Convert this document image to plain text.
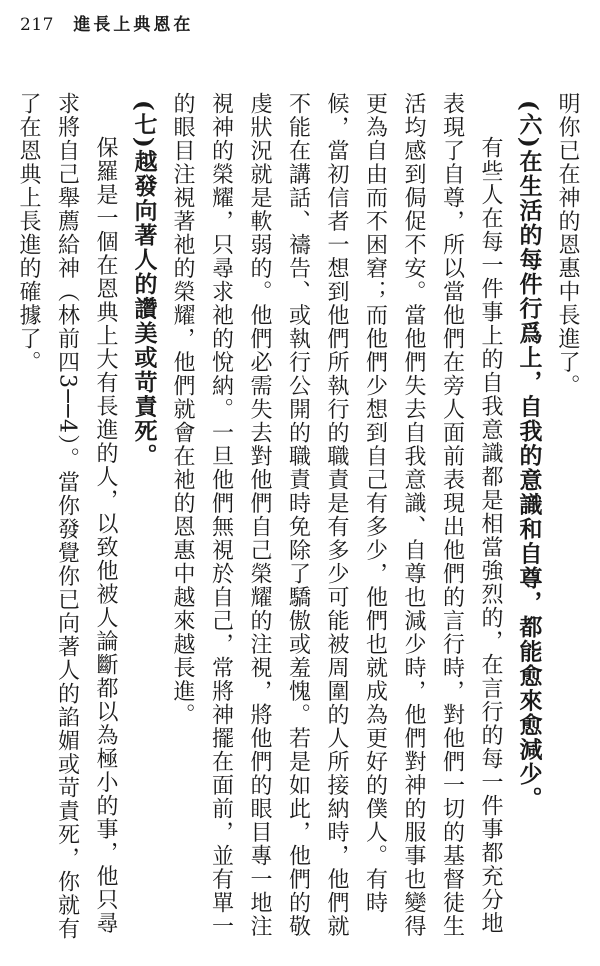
217 進長上典恩在

明你已在神的恩惠中長進了。

(六)在生活的每件行爲上，自我的意識和自尊，都能愈來愈減少。

有些人在每一件事上的自我意識都是相當強烈的，在言行的每一件事都充分地表現了自尊，所以當他們在旁人面前表現出他們的言行時，對他們一切的基督徒生活均感到侷促不安。當他們失去自我意識、自尊也減少時，他們對神的服事也變得更為自由而不困窘；而他們少想到自己有多少，他們也就成為更好的僕人。有時候，當初信者一想到他們所執行的職責是有多少可能被周圍的人所接納時，他們就不能在講話、禱告、或執行公開的職責時免除了驕傲或羞愧。若是如此，他們的敬虔狀況就是軟弱的。他們必需失去對他們自己榮耀的注視，將他們的眼目專一地注視神的榮耀，只尋求祂的悅納。一旦他們無視於自己，常將神擺在面前，並有單一的眼目注視著祂的榮耀，他們就會在祂的恩惠中越來越長進。

(七)越發向著人的讚美或苛責死。

保羅是一個在恩典上大有長進的人，以致他被人論斷都以為極小的事，他只尋求將自己舉薦給神（林前四3──4）。當你發覺你已向著人的諂媚或苛責死，你就有了在恩典上長進的確據了。
